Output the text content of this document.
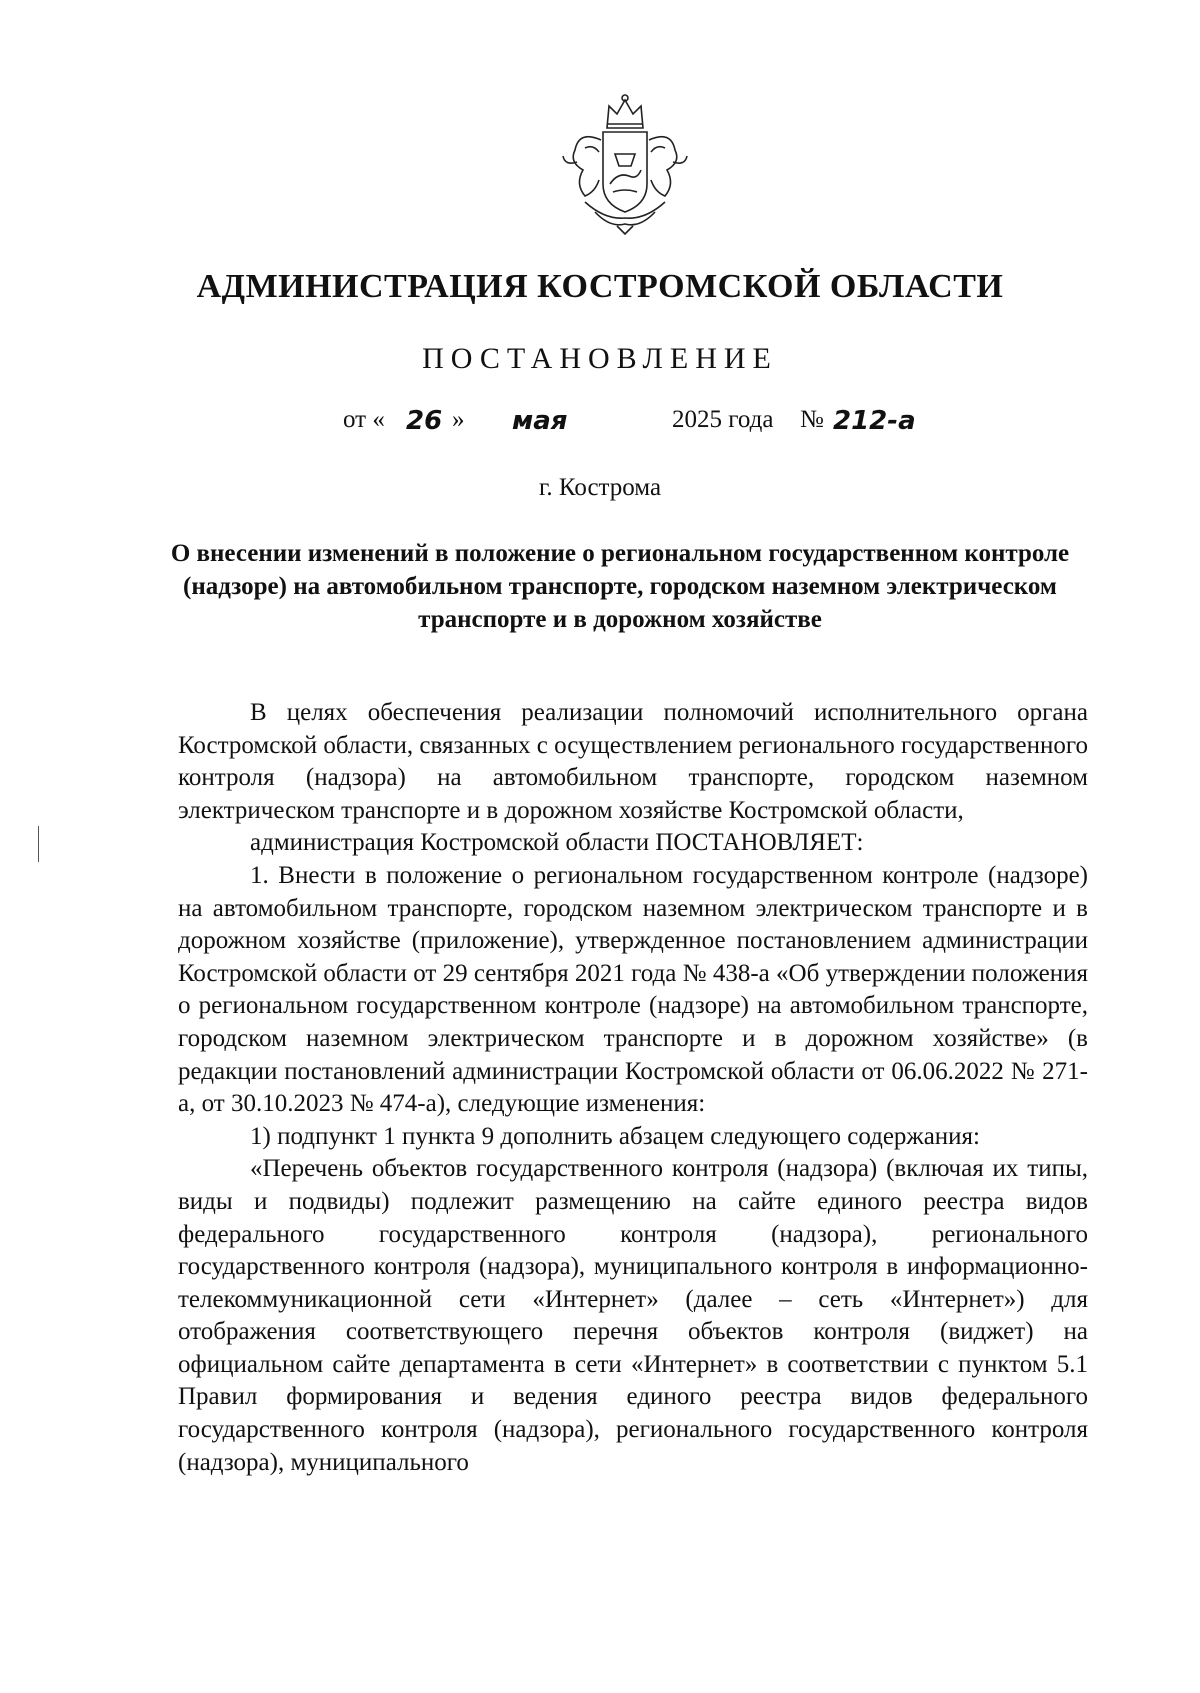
АДМИНИСТРАЦИЯ КОСТРОМСКОЙ ОБЛАСТИ
ПОСТАНОВЛЕНИЕ
от « 26 » мая	2025 года № 212-а
г. Кострома
О внесении изменений в положение о региональном государственном контроле (надзоре) на автомобильном транспорте, городском наземном электрическом транспорте и в дорожном хозяйстве

В целях обеспечения реализации полномочий исполнительного органа Костромской области, связанных с осуществлением регионального государственного контроля (надзора) на автомобильном транспорте, городском наземном электрическом транспорте и в дорожном хозяйстве Костромской области,

администрация Костромской области ПОСТАНОВЛЯЕТ:

1. Внести в положение о региональном государственном контроле (надзоре) на автомобильном транспорте, городском наземном электрическом транспорте и в дорожном хозяйстве (приложение), утвержденное постановлением администрации Костромской области от 29 сентября 2021 года № 438-а «Об утверждении положения о региональном государственном контроле (надзоре) на автомобильном транспорте, городском наземном электрическом транспорте и в дорожном хозяйстве» (в редакции постановлений администрации Костромской области от 06.06.2022 № 271-а, от 30.10.2023 № 474-а), следующие изменения:

1) подпункт 1 пункта 9 дополнить абзацем следующего содержания:

«Перечень объектов государственного контроля (надзора) (включая их типы, виды и подвиды) подлежит размещению на сайте единого реестра видов федерального государственного контроля (надзора), регионального государственного контроля (надзора), муниципального контроля в информационно-телекоммуникационной сети «Интернет» (далее – сеть «Интернет») для отображения соответствующего перечня объектов контроля (виджет) на официальном сайте департамента в сети «Интернет» в соответствии с пунктом 5.1 Правил формирования и ведения единого реестра видов федерального государственного контроля (надзора), регионального государственного контроля (надзора), муниципального
